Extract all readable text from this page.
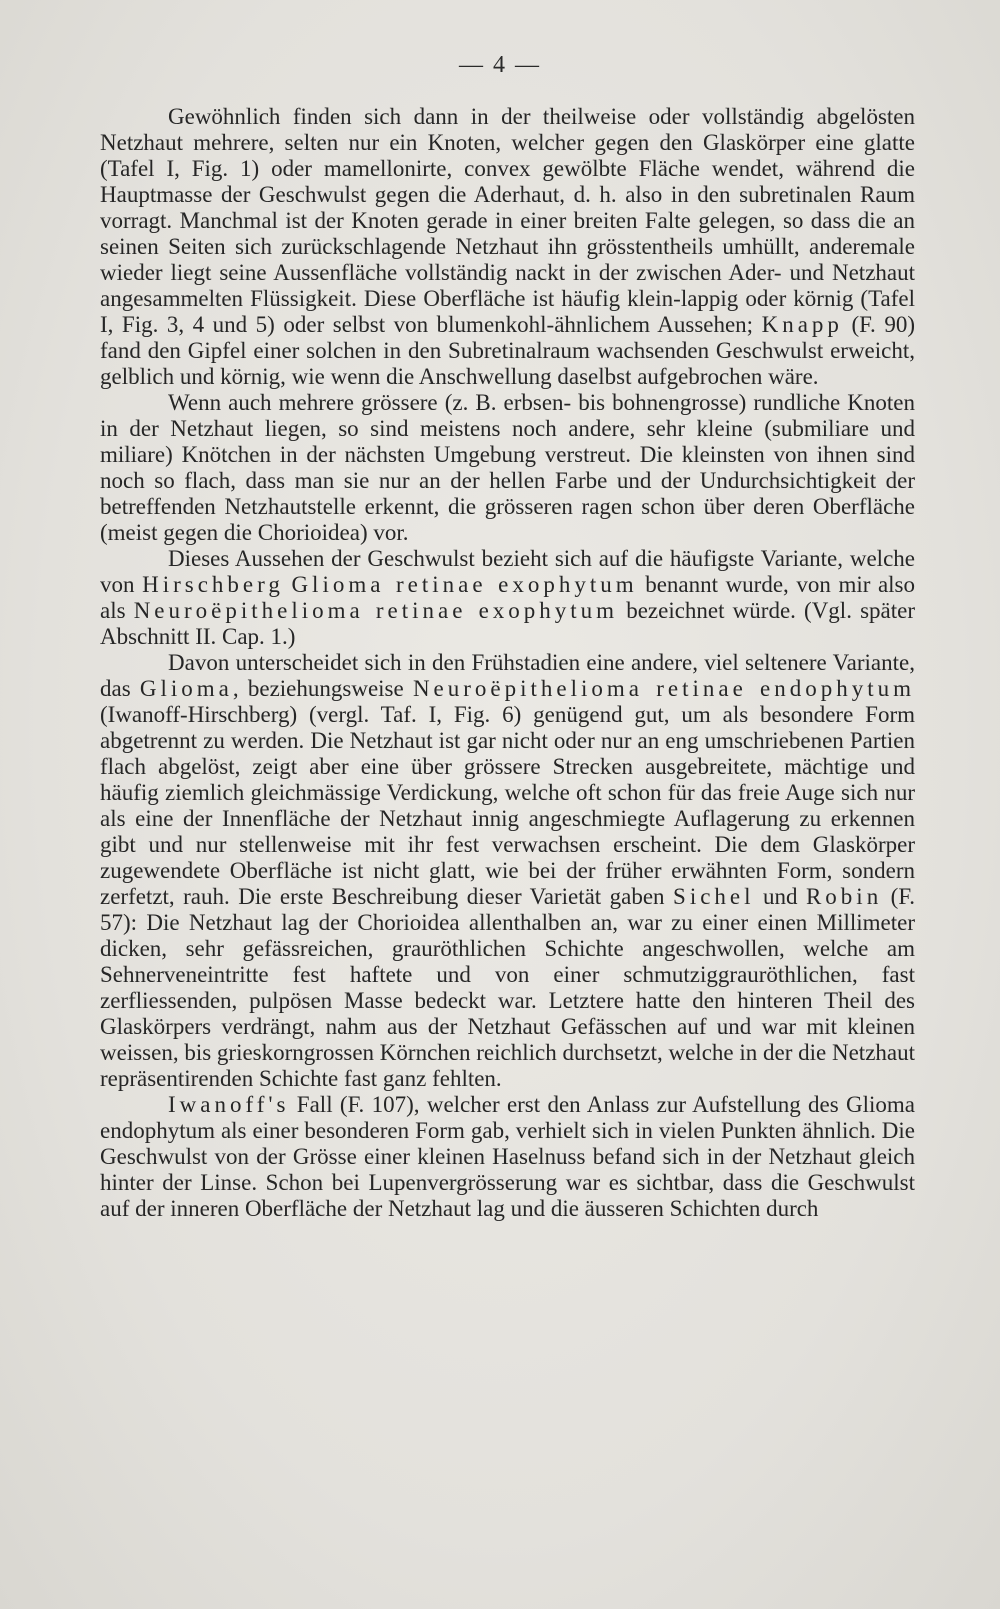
— 4 —

Gewöhnlich finden sich dann in der theilweise oder vollständig abgelösten Netzhaut mehrere, selten nur ein Knoten, welcher gegen den Glaskörper eine glatte (Tafel I, Fig. 1) oder mamellonirte, convex gewölbte Fläche wendet, während die Hauptmasse der Geschwulst gegen die Aderhaut, d. h. also in den subretinalen Raum vorragt. Manchmal ist der Knoten gerade in einer breiten Falte gelegen, so dass die an seinen Seiten sich zurückschlagende Netzhaut ihn grösstentheils umhüllt, anderemale wieder liegt seine Aussenfläche vollständig nackt in der zwischen Ader- und Netzhaut angesammelten Flüssigkeit. Diese Oberfläche ist häufig klein-lappig oder körnig (Tafel I, Fig. 3, 4 und 5) oder selbst von blumenkohl-ähnlichem Aussehen; Knapp (F. 90) fand den Gipfel einer solchen in den Subretinalraum wachsenden Geschwulst erweicht, gelblich und körnig, wie wenn die Anschwellung daselbst aufgebrochen wäre.

Wenn auch mehrere grössere (z. B. erbsen- bis bohnengrosse) rundliche Knoten in der Netzhaut liegen, so sind meistens noch andere, sehr kleine (submiliare und miliare) Knötchen in der nächsten Umgebung verstreut. Die kleinsten von ihnen sind noch so flach, dass man sie nur an der hellen Farbe und der Undurchsichtigkeit der betreffenden Netzhautstelle erkennt, die grösseren ragen schon über deren Oberfläche (meist gegen die Chorioidea) vor.

Dieses Aussehen der Geschwulst bezieht sich auf die häufigste Variante, welche von Hirschberg Glioma retinae exophytum benannt wurde, von mir also als Neuroëpithelioma retinae exophytum bezeichnet würde. (Vgl. später Abschnitt II. Cap. 1.)

Davon unterscheidet sich in den Frühstadien eine andere, viel seltenere Variante, das Glioma, beziehungsweise Neuroëpithelioma retinae endophytum (Iwanoff-Hirschberg) (vergl. Taf. I, Fig. 6) genügend gut, um als besondere Form abgetrennt zu werden. Die Netzhaut ist gar nicht oder nur an eng umschriebenen Partien flach abgelöst, zeigt aber eine über grössere Strecken ausgebreitete, mächtige und häufig ziemlich gleichmässige Verdickung, welche oft schon für das freie Auge sich nur als eine der Innenfläche der Netzhaut innig angeschmiegte Auflagerung zu erkennen gibt und nur stellenweise mit ihr fest verwachsen erscheint. Die dem Glaskörper zugewendete Oberfläche ist nicht glatt, wie bei der früher erwähnten Form, sondern zerfetzt, rauh. Die erste Beschreibung dieser Varietät gaben Sichel und Robin (F. 57): Die Netzhaut lag der Chorioidea allenthalben an, war zu einer einen Millimeter dicken, sehr gefässreichen, grauröthlichen Schichte angeschwollen, welche am Sehnerveneintritte fest haftete und von einer schmutziggrauröthlichen, fast zerfliessenden, pulpösen Masse bedeckt war. Letztere hatte den hinteren Theil des Glaskörpers verdrängt, nahm aus der Netzhaut Gefässchen auf und war mit kleinen weissen, bis grieskorngrossen Körnchen reichlich durchsetzt, welche in der die Netzhaut repräsentirenden Schichte fast ganz fehlten.

Iwanoff's Fall (F. 107), welcher erst den Anlass zur Aufstellung des Glioma endophytum als einer besonderen Form gab, verhielt sich in vielen Punkten ähnlich. Die Geschwulst von der Grösse einer kleinen Haselnuss befand sich in der Netzhaut gleich hinter der Linse. Schon bei Lupenvergrösserung war es sichtbar, dass die Geschwulst auf der inneren Oberfläche der Netzhaut lag und die äusseren Schichten durch
